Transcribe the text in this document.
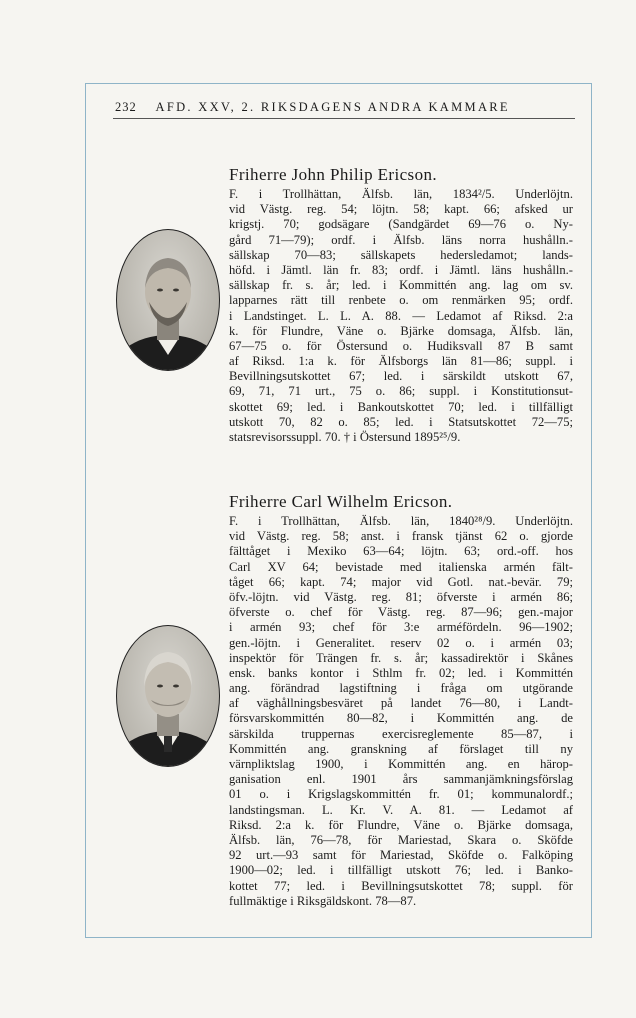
232 AFD. XXV, 2. RIKSDAGENS ANDRA KAMMARE
Friherre John Philip Ericson.
F. i Trollhättan, Älfsb. län, 1834²/5. Underlöjtn.
vid Västg. reg. 54; löjtn. 58; kapt. 66; afsked ur
krigstj. 70; godsägare (Sandgärdet 69—76 o. Ny-
gård 71—79); ordf. i Älfsb. läns norra hushålln.-
sällskap 70—83; sällskapets hedersledamot; lands-
höfd. i Jämtl. län fr. 83; ordf. i Jämtl. läns hushålln.-
sällskap fr. s. år; led. i Kommittén ang. lag om sv.
lapparnes rätt till renbete o. om renmärken 95; ordf.
i Landstinget. L. L. A. 88. — Ledamot af Riksd. 2:a
k. för Flundre, Väne o. Bjärke domsaga, Älfsb. län,
67—75 o. för Östersund o. Hudiksvall 87 B samt
af Riksd. 1:a k. för Älfsborgs län 81—86; suppl. i
Bevillningsutskottet 67; led. i särskildt utskott 67,
69, 71, 71 urt., 75 o. 86; suppl. i Konstitutionsut-
skottet 69; led. i Bankoutskottet 70; led. i tillfälligt
utskott 70, 82 o. 85; led. i Statsutskottet 72—75;
statsrevisorssuppl. 70. † i Östersund 1895²⁵/9.
Friherre Carl Wilhelm Ericson.
F. i Trollhättan, Älfsb. län, 1840²⁸/9. Underlöjtn.
vid Västg. reg. 58; anst. i fransk tjänst 62 o. gjorde
fälttåget i Mexiko 63—64; löjtn. 63; ord.-off. hos
Carl XV 64; bevistade med italienska armén fält-
tåget 66; kapt. 74; major vid Gotl. nat.-bevär. 79;
öfv.-löjtn. vid Västg. reg. 81; öfverste i armén 86;
öfverste o. chef för Västg. reg. 87—96; gen.-major
i armén 93; chef för 3:e arméfördeln. 96—1902;
gen.-löjtn. i Generalitet. reserv 02 o. i armén 03;
inspektör för Trängen fr. s. år; kassadirektör i Skånes
ensk. banks kontor i Sthlm fr. 02; led. i Kommittén
ang. förändrad lagstiftning i fråga om utgörande
af väghållningsbesväret på landet 76—80, i Landt-
försvarskommittén 80—82, i Kommittén ang. de
särskilda truppernas exercisreglemente 85—87, i
Kommittén ang. granskning af förslaget till ny
värnpliktslag 1900, i Kommittén ang. en härор-
ganisation enl. 1901 års sammanjämkningsförslag
01 o. i Krigslagskommittén fr. 01; kommunalordf.;
landstingsman. L. Kr. V. A. 81. — Ledamot af
Riksd. 2:a k. för Flundre, Väne o. Bjärke domsaga,
Älfsb. län, 76—78, för Mariestad, Skara o. Sköfde
92 urt.—93 samt för Mariestad, Sköfde o. Falköping
1900—02; led. i tillfälligt utskott 76; led. i Banko-
kottet 77; led. i Bevillningsutskottet 78; suppl. för
fullmäktige i Riksgäldskont. 78—87.
